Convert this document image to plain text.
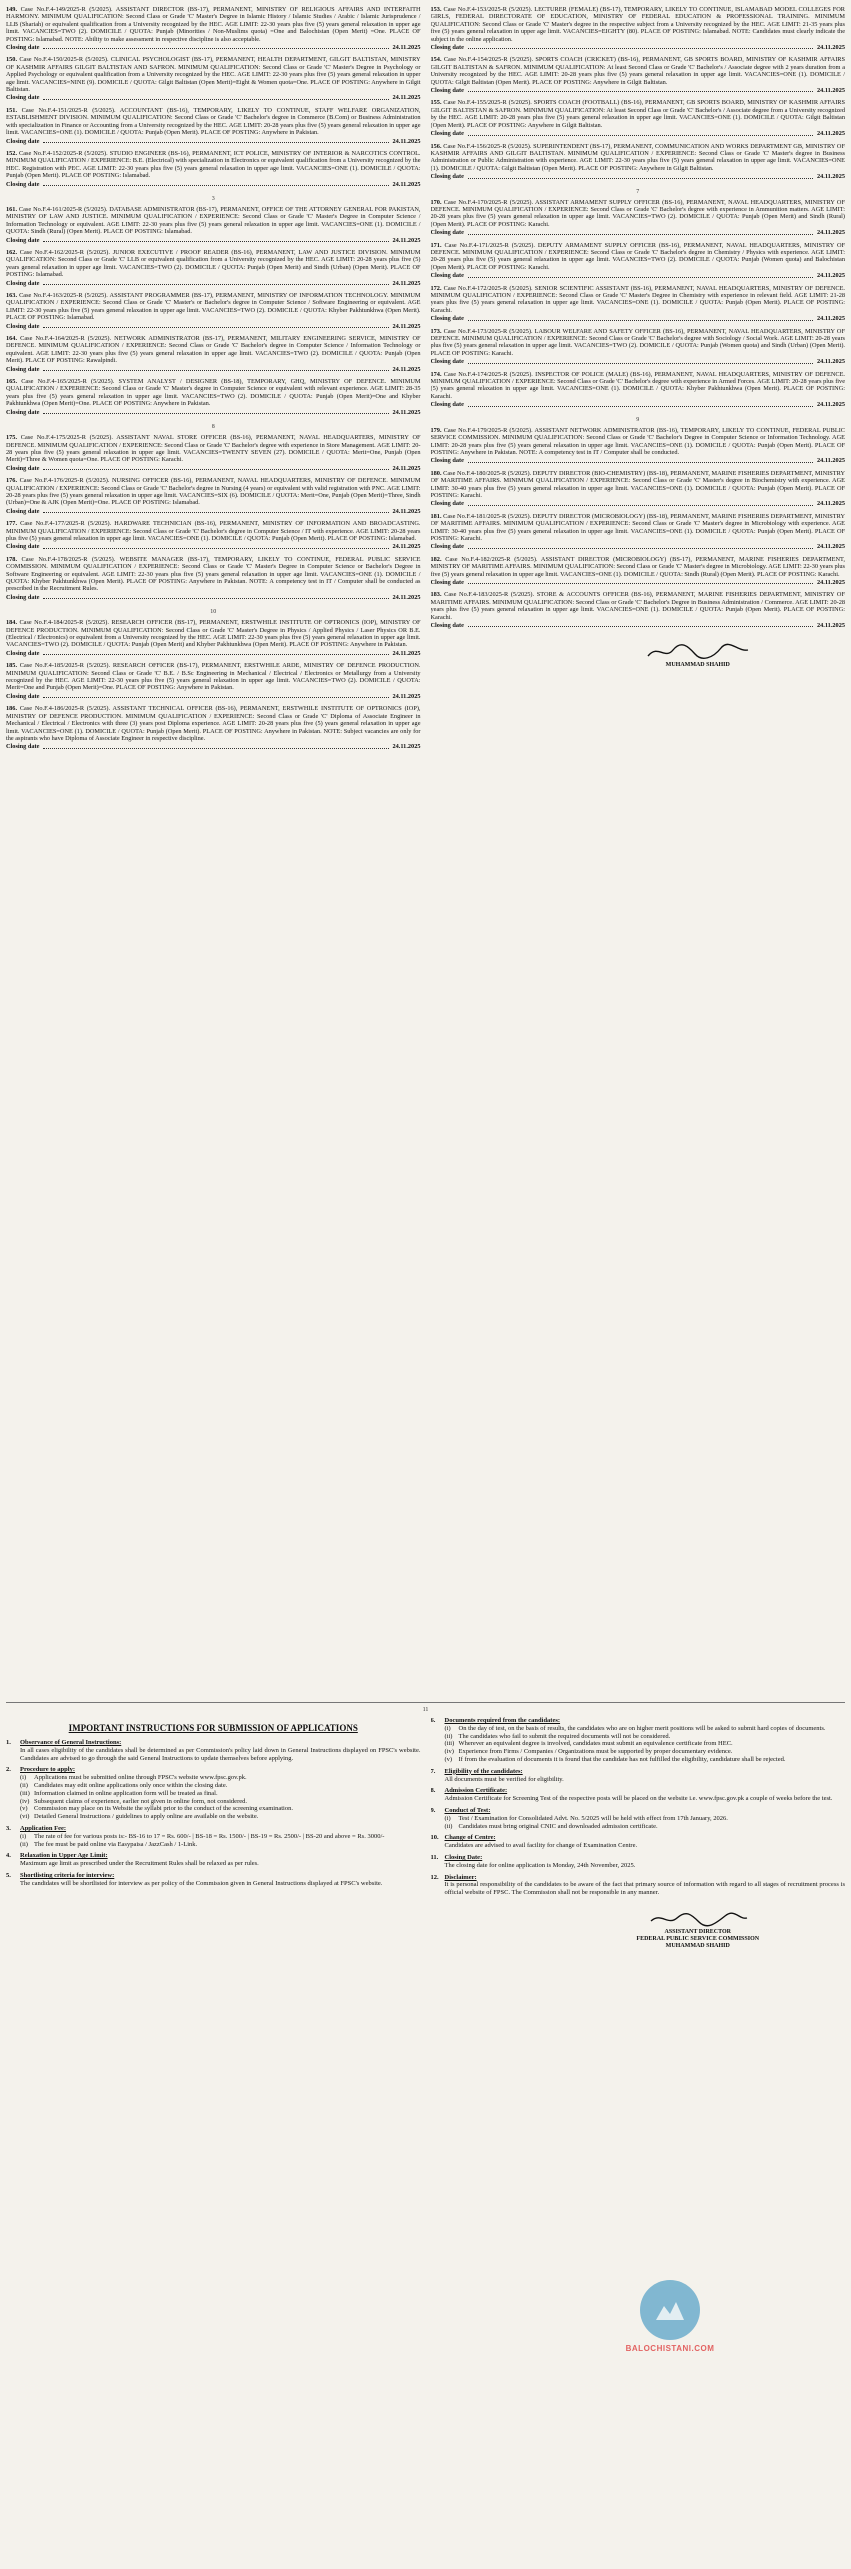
149. Case No.F.4-149/2025-R (5/2025). ASSISTANT DIRECTOR (BS-17), PERMANENT, MINISTRY OF RELIGIOUS AFFAIRS AND INTERFAITH HARMONY. MINIMUM QUALIFICATION: Second Class or Grade 'C' Master's Degree in Islamic History / Islamic Studies / Arabic / Islamic Jurisprudence / LLB (Shariah) or equivalent qualification from a University recognized by the HEC. AGE LIMIT: 22-30 years plus five (5) years general relaxation in upper age limit. VACANCIES=TWO (2). DOMICILE / QUOTA: Punjab (Minorities / Non-Muslims quota) =One and Balochistan (Open Merit) =One. PLACE OF POSTING: Islamabad. NOTE: Ability to make assessment in respective discipline is also acceptable.
Closing date	24.11.2025
150. Case No.F.4-150/2025-R (5/2025). CLINICAL PSYCHOLOGIST (BS-17), PERMANENT, HEALTH DEPARTMENT, GILGIT BALTISTAN, MINISTRY OF KASHMIR AFFAIRS GILGIT BALTISTAN AND SAFRON. MINIMUM QUALIFICATION: Second Class or Grade 'C' Master's Degree in Psychology or Applied Psychology or equivalent qualification from a University recognized by the HEC. AGE LIMIT: 22-30 years plus five (5) years general relaxation in upper age limit. VACANCIES=NINE (9). DOMICILE / QUOTA: Gilgit Baltistan (Open Merit)=Eight & Women quota=One. PLACE OF POSTING: Anywhere in Gilgit Baltistan.
Closing date	24.11.2025
151. Case No.F.4-151/2025-R (5/2025). ACCOUNTANT (BS-16), TEMPORARY, LIKELY TO CONTINUE, STAFF WELFARE ORGANIZATION, ESTABLISHMENT DIVISION. MINIMUM QUALIFICATION: Second Class or Grade 'C' Bachelor's degree in Commerce (B.Com) or Business Administration with specialization in Finance or Accounting from a University recognized by the HEC. AGE LIMIT: 20-28 years plus five (5) years general relaxation in upper age limit. VACANCIES=ONE (1). DOMICILE / QUOTA: Punjab (Open Merit). PLACE OF POSTING: Anywhere in Pakistan.
Closing date	24.11.2025
152. Case No.F.4-152/2025-R (5/2025). STUDIO ENGINEER (BS-16), PERMANENT, ICT POLICE, MINISTRY OF INTERIOR & NARCOTICS CONTROL. MINIMUM QUALIFICATION / EXPERIENCE: B.E. (Electrical) with specialization in Electronics or equivalent qualification from a University recognized by the HEC. Registration with PEC. AGE LIMIT: 22-30 years plus five (5) years general relaxation in upper age limit. VACANCIES=ONE (1). DOMICILE / QUOTA: Punjab (Open Merit). PLACE OF POSTING: Islamabad.
Closing date	24.11.2025
3
161. Case No.F.4-161/2025-R (5/2025). DATABASE ADMINISTRATOR (BS-17), PERMANENT, OFFICE OF THE ATTORNEY GENERAL FOR PAKISTAN, MINISTRY OF LAW AND JUSTICE. MINIMUM QUALIFICATION / EXPERIENCE: Second Class or Grade 'C' Master's Degree in Computer Science / Information Technology or equivalent. AGE LIMIT: 22-30 years plus five (5) years general relaxation in upper age limit. VACANCIES=ONE (1). DOMICILE / QUOTA: Sindh (Rural) (Open Merit). PLACE OF POSTING: Islamabad.
Closing date	24.11.2025
162. Case No.F.4-162/2025-R (5/2025). JUNIOR EXECUTIVE / PROOF READER (BS-16), PERMANENT, LAW AND JUSTICE DIVISION. MINIMUM QUALIFICATION: Second Class or Grade 'C' LLB or equivalent qualification from a University recognized by the HEC. AGE LIMIT: 20-28 years plus five (5) years general relaxation in upper age limit. VACANCIES=TWO (2). DOMICILE / QUOTA: Punjab (Open Merit) and Sindh (Urban) (Open Merit). PLACE OF POSTING: Islamabad.
Closing date	24.11.2025
163. Case No.F.4-163/2025-R (5/2025). ASSISTANT PROGRAMMER (BS-17), PERMANENT, MINISTRY OF INFORMATION TECHNOLOGY. MINIMUM QUALIFICATION / EXPERIENCE: Second Class or Grade 'C' Master's or Bachelor's degree in Computer Science / Software Engineering or equivalent. AGE LIMIT: 22-30 years plus five (5) years general relaxation in upper age limit. VACANCIES=TWO (2). DOMICILE / QUOTA: Khyber Pakhtunkhwa (Open Merit). PLACE OF POSTING: Islamabad.
Closing date	24.11.2025
164. Case No.F.4-164/2025-R (5/2025). NETWORK ADMINISTRATOR (BS-17), PERMANENT, MILITARY ENGINEERING SERVICE, MINISTRY OF DEFENCE. MINIMUM QUALIFICATION / EXPERIENCE: Second Class or Grade 'C' Bachelor's degree in Computer Science / Information Technology or equivalent. AGE LIMIT: 22-30 years plus five (5) years general relaxation in upper age limit. VACANCIES=TWO (2). DOMICILE / QUOTA: Punjab (Open Merit). PLACE OF POSTING: Rawalpindi.
Closing date	24.11.2025
165. Case No.F.4-165/2025-R (5/2025). SYSTEM ANALYST / DESIGNER (BS-18), TEMPORARY, GHQ, MINISTRY OF DEFENCE. MINIMUM QUALIFICATION / EXPERIENCE: Second Class or Grade 'C' Master's degree in Computer Science or equivalent with relevant experience. AGE LIMIT: 28-35 years plus five (5) years general relaxation in upper age limit. VACANCIES=TWO (2). DOMICILE / QUOTA: Punjab (Open Merit)=One and Khyber Pakhtunkhwa (Open Merit)=One. PLACE OF POSTING: Anywhere in Pakistan.
Closing date	24.11.2025
8
175. Case No.F.4-175/2025-R (5/2025). ASSISTANT NAVAL STORE OFFICER (BS-16), PERMANENT, NAVAL HEADQUARTERS, MINISTRY OF DEFENCE. MINIMUM QUALIFICATION / EXPERIENCE: Second Class or Grade 'C' Bachelor's degree with experience in Store Management. AGE LIMIT: 20-28 years plus five (5) years general relaxation in upper age limit. VACANCIES=TWENTY SEVEN (27). DOMICILE / QUOTA: Merit=One, Punjab (Open Merit)=Three & Women quota=One. PLACE OF POSTING: Karachi.
Closing date	24.11.2025
176. Case No.F.4-176/2025-R (5/2025). NURSING OFFICER (BS-16), PERMANENT, NAVAL HEADQUARTERS, MINISTRY OF DEFENCE. MINIMUM QUALIFICATION / EXPERIENCE: Second Class or Grade 'C' Bachelor's degree in Nursing (4 years) or equivalent with valid registration with PNC. AGE LIMIT: 20-28 years plus five (5) years general relaxation in upper age limit. VACANCIES=SIX (6). DOMICILE / QUOTA: Merit=One, Punjab (Open Merit)=Three, Sindh (Urban)=One & AJK (Open Merit)=One. PLACE OF POSTING: Islamabad.
Closing date	24.11.2025
177. Case No.F.4-177/2025-R (5/2025). HARDWARE TECHNICIAN (BS-16), PERMANENT, MINISTRY OF INFORMATION AND BROADCASTING. MINIMUM QUALIFICATION / EXPERIENCE: Second Class or Grade 'C' Bachelor's degree in Computer Science / IT with experience. AGE LIMIT: 20-28 years plus five (5) years general relaxation in upper age limit. VACANCIES=ONE (1). DOMICILE / QUOTA: Punjab (Open Merit). PLACE OF POSTING: Islamabad.
Closing date	24.11.2025
178. Case No.F.4-178/2025-R (5/2025). WEBSITE MANAGER (BS-17), TEMPORARY, LIKELY TO CONTINUE, FEDERAL PUBLIC SERVICE COMMISSION. MINIMUM QUALIFICATION / EXPERIENCE: Second Class or Grade 'C' Master's Degree in Computer Science or Bachelor's Degree in Software Engineering or equivalent. AGE LIMIT: 22-30 years plus five (5) years general relaxation in upper age limit. VACANCIES=ONE (1). DOMICILE / QUOTA: Khyber Pakhtunkhwa (Open Merit). PLACE OF POSTING: Anywhere in Pakistan. NOTE: A competency test in IT / Computer shall be conducted as prescribed in the Recruitment Rules.
Closing date	24.11.2025
10
184. Case No.F.4-184/2025-R (5/2025). RESEARCH OFFICER (BS-17), PERMANENT, ERSTWHILE INSTITUTE OF OPTRONICS (IOP), MINISTRY OF DEFENCE PRODUCTION. MINIMUM QUALIFICATION: Second Class or Grade 'C' Master's Degree in Physics / Applied Physics / Laser Physics OR B.E. (Electrical / Electronics) or equivalent from a University recognized by the HEC. AGE LIMIT: 22-30 years plus five (5) years general relaxation in upper age limit. VACANCIES=TWO (2). DOMICILE / QUOTA: Punjab (Open Merit) and Khyber Pakhtunkhwa (Open Merit). PLACE OF POSTING: Anywhere in Pakistan.
Closing date	24.11.2025
185. Case No.F.4-185/2025-R (5/2025). RESEARCH OFFICER (BS-17), PERMANENT, ERSTWHILE ARDE, MINISTRY OF DEFENCE PRODUCTION. MINIMUM QUALIFICATION: Second Class or Grade 'C' B.E. / B.Sc Engineering in Mechanical / Electrical / Electronics or Metallurgy from a University recognized by the HEC. AGE LIMIT: 22-30 years plus five (5) years general relaxation in upper age limit. VACANCIES=TWO (2). DOMICILE / QUOTA: Merit=One and Punjab (Open Merit)=One. PLACE OF POSTING: Anywhere in Pakistan.
Closing date	24.11.2025
186. Case No.F.4-186/2025-R (5/2025). ASSISTANT TECHNICAL OFFICER (BS-16), PERMANENT, ERSTWHILE INSTITUTE OF OPTRONICS (IOP), MINISTRY OF DEFENCE PRODUCTION. MINIMUM QUALIFICATION / EXPERIENCE: Second Class or Grade 'C' Diploma of Associate Engineer in Mechanical / Electrical / Electronics with three (3) years post Diploma experience. AGE LIMIT: 20-28 years plus five (5) years general relaxation in upper age limit. VACANCIES=ONE (1). DOMICILE / QUOTA: Punjab (Open Merit). PLACE OF POSTING: Anywhere in Pakistan. NOTE: Subject vacancies are only for the aspirants who have Diploma of Associate Engineer in respective discipline.
Closing date	24.11.2025
153. Case No.F.4-153/2025-R (5/2025). LECTURER (FEMALE) (BS-17), TEMPORARY, LIKELY TO CONTINUE, ISLAMABAD MODEL COLLEGES FOR GIRLS, FEDERAL DIRECTORATE OF EDUCATION, MINISTRY OF FEDERAL EDUCATION & PROFESSIONAL TRAINING. MINIMUM QUALIFICATION: Second Class or Grade 'C' Master's degree in the respective subject from a University recognized by the HEC. AGE LIMIT: 21-35 years plus five (5) years general relaxation in upper age limit. VACANCIES=EIGHTY (80). PLACE OF POSTING: Islamabad. NOTE: Candidates must clearly indicate the subject in the online application.
Closing date	24.11.2025
154. Case No.F.4-154/2025-R (5/2025). SPORTS COACH (CRICKET) (BS-16), PERMANENT, GB SPORTS BOARD, MINISTRY OF KASHMIR AFFAIRS GILGIT BALTISTAN & SAFRON. MINIMUM QUALIFICATION: At least Second Class or Grade 'C' Bachelor's / Associate degree with 2 years duration from a University recognized by the HEC. AGE LIMIT: 20-28 years plus five (5) years general relaxation in upper age limit. VACANCIES=ONE (1). DOMICILE / QUOTA: Gilgit Baltistan (Open Merit). PLACE OF POSTING: Anywhere in Gilgit Baltistan.
Closing date	24.11.2025
155. Case No.F.4-155/2025-R (5/2025). SPORTS COACH (FOOTBALL) (BS-16), PERMANENT, GB SPORTS BOARD, MINISTRY OF KASHMIR AFFAIRS GILGIT BALTISTAN & SAFRON. MINIMUM QUALIFICATION: At least Second Class or Grade 'C' Bachelor's / Associate degree from a University recognized by the HEC. AGE LIMIT: 20-28 years plus five (5) years general relaxation in upper age limit. VACANCIES=ONE (1). DOMICILE / QUOTA: Gilgit Baltistan (Open Merit). PLACE OF POSTING: Anywhere in Gilgit Baltistan.
Closing date	24.11.2025
156. Case No.F.4-156/2025-R (5/2025). SUPERINTENDENT (BS-17), PERMANENT, COMMUNICATION AND WORKS DEPARTMENT GB, MINISTRY OF KASHMIR AFFAIRS AND GILGIT BALTISTAN. MINIMUM QUALIFICATION / EXPERIENCE: Second Class or Grade 'C' Master's degree in Business Administration or Public Administration with experience. AGE LIMIT: 22-30 years plus five (5) years general relaxation in upper age limit. VACANCIES=ONE (1). DOMICILE / QUOTA: Gilgit Baltistan (Open Merit). PLACE OF POSTING: Anywhere in Gilgit Baltistan.
Closing date	24.11.2025
7
170. Case No.F.4-170/2025-R (5/2025). ASSISTANT ARMAMENT SUPPLY OFFICER (BS-16), PERMANENT, NAVAL HEADQUARTERS, MINISTRY OF DEFENCE. MINIMUM QUALIFICATION / EXPERIENCE: Second Class or Grade 'C' Bachelor's degree with experience in Ammunition matters. AGE LIMIT: 20-28 years plus five (5) years general relaxation in upper age limit. VACANCIES=TWO (2). DOMICILE / QUOTA: Punjab (Open Merit) and Sindh (Rural) (Open Merit). PLACE OF POSTING: Karachi.
Closing date	24.11.2025
171. Case No.F.4-171/2025-R (5/2025). DEPUTY ARMAMENT SUPPLY OFFICER (BS-16), PERMANENT, NAVAL HEADQUARTERS, MINISTRY OF DEFENCE. MINIMUM QUALIFICATION / EXPERIENCE: Second Class or Grade 'C' Bachelor's degree in Chemistry / Physics with experience. AGE LIMIT: 20-28 years plus five (5) years general relaxation in upper age limit. VACANCIES=TWO (2). DOMICILE / QUOTA: Punjab (Women quota) and Balochistan (Open Merit). PLACE OF POSTING: Karachi.
Closing date	24.11.2025
172. Case No.F.4-172/2025-R (5/2025). SENIOR SCIENTIFIC ASSISTANT (BS-16), PERMANENT, NAVAL HEADQUARTERS, MINISTRY OF DEFENCE. MINIMUM QUALIFICATION / EXPERIENCE: Second Class or Grade 'C' Master's Degree in Chemistry with experience in relevant field. AGE LIMIT: 21-28 years plus five (5) years general relaxation in upper age limit. VACANCIES=ONE (1). DOMICILE / QUOTA: Punjab (Open Merit). PLACE OF POSTING: Karachi.
Closing date	24.11.2025
173. Case No.F.4-173/2025-R (5/2025). LABOUR WELFARE AND SAFETY OFFICER (BS-16), PERMANENT, NAVAL HEADQUARTERS, MINISTRY OF DEFENCE. MINIMUM QUALIFICATION / EXPERIENCE: Second Class or Grade 'C' Bachelor's degree with Sociology / Social Work. AGE LIMIT: 20-28 years plus five (5) years general relaxation in upper age limit. VACANCIES=TWO (2). DOMICILE / QUOTA: Punjab (Women quota) and Sindh (Urban) (Open Merit). PLACE OF POSTING: Karachi.
Closing date	24.11.2025
174. Case No.F.4-174/2025-R (5/2025). INSPECTOR OF POLICE (MALE) (BS-16), PERMANENT, NAVAL HEADQUARTERS, MINISTRY OF DEFENCE. MINIMUM QUALIFICATION / EXPERIENCE: Second Class or Grade 'C' Bachelor's degree with experience in Armed Forces. AGE LIMIT: 20-28 years plus five (5) years general relaxation in upper age limit. VACANCIES=ONE (1). DOMICILE / QUOTA: Khyber Pakhtunkhwa (Open Merit). PLACE OF POSTING: Karachi.
Closing date	24.11.2025
9
179. Case No.F.4-179/2025-R (5/2025). ASSISTANT NETWORK ADMINISTRATOR (BS-16), TEMPORARY, LIKELY TO CONTINUE, FEDERAL PUBLIC SERVICE COMMISSION. MINIMUM QUALIFICATION: Second Class or Grade 'C' Bachelor's Degree in Computer Science or Information Technology. AGE LIMIT: 20-28 years plus five (5) years general relaxation in upper age limit. VACANCIES=ONE (1). DOMICILE / QUOTA: Punjab (Open Merit). PLACE OF POSTING: Anywhere in Pakistan. NOTE: A competency test in IT / Computer shall be conducted.
Closing date	24.11.2025
180. Case No.F.4-180/2025-R (5/2025). DEPUTY DIRECTOR (BIO-CHEMISTRY) (BS-18), PERMANENT, MARINE FISHERIES DEPARTMENT, MINISTRY OF MARITIME AFFAIRS. MINIMUM QUALIFICATION / EXPERIENCE: Second Class or Grade 'C' Master's degree in Biochemistry with experience. AGE LIMIT: 30-40 years plus five (5) years general relaxation in upper age limit. VACANCIES=ONE (1). DOMICILE / QUOTA: Punjab (Open Merit). PLACE OF POSTING: Karachi.
Closing date	24.11.2025
181. Case No.F.4-181/2025-R (5/2025). DEPUTY DIRECTOR (MICROBIOLOGY) (BS-18), PERMANENT, MARINE FISHERIES DEPARTMENT, MINISTRY OF MARITIME AFFAIRS. MINIMUM QUALIFICATION / EXPERIENCE: Second Class or Grade 'C' Master's degree in Microbiology with experience. AGE LIMIT: 30-40 years plus five (5) years general relaxation in upper age limit. VACANCIES=ONE (1). DOMICILE / QUOTA: Punjab (Open Merit). PLACE OF POSTING: Karachi.
Closing date	24.11.2025
182. Case No.F.4-182/2025-R (5/2025). ASSISTANT DIRECTOR (MICROBIOLOGY) (BS-17), PERMANENT, MARINE FISHERIES DEPARTMENT, MINISTRY OF MARITIME AFFAIRS. MINIMUM QUALIFICATION: Second Class or Grade 'C' Master's degree in Microbiology. AGE LIMIT: 22-30 years plus five (5) years general relaxation in upper age limit. VACANCIES=ONE (1). DOMICILE / QUOTA: Sindh (Rural) (Open Merit). PLACE OF POSTING: Karachi.
Closing date	24.11.2025
183. Case No.F.4-183/2025-R (5/2025). STORE & ACCOUNTS OFFICER (BS-16), PERMANENT, MARINE FISHERIES DEPARTMENT, MINISTRY OF MARITIME AFFAIRS. MINIMUM QUALIFICATION: Second Class or Grade 'C' Bachelor's Degree in Business Administration / Commerce. AGE LIMIT: 20-28 years plus five (5) years general relaxation in upper age limit. VACANCIES=ONE (1). DOMICILE / QUOTA: Punjab (Open Merit). PLACE OF POSTING: Karachi.
Closing date	24.11.2025
MUHAMMAD SHAHID
11
IMPORTANT INSTRUCTIONS FOR SUBMISSION OF APPLICATIONS
1.	Observance of General Instructions:
In all cases eligibility of the candidates shall be determined as per Commission's policy laid down in General Instructions displayed on FPSC's website. Candidates are advised to go through the said General Instructions to update themselves before applying.
2.	Procedure to apply:
(i)	Applications must be submitted online through FPSC's website www.fpsc.gov.pk.
(ii) Candidates may edit online applications only once within the closing date.
(iii) Information claimed in online application form will be treated as final.
(iv) Subsequent claims of experience, earlier not given in online form, not considered.
(v) Commission may place on its Website the syllabi prior to the conduct of the screening examination.
(vi) Detailed General Instructions / guidelines to apply online are available on the website.
3.	Application Fee:
(i)	The rate of fee for various posts is:- BS-16 to 17 = Rs. 600/- | BS-18 = Rs. 1500/- | BS-19 = Rs. 2500/- | BS-20 and above = Rs. 3000/-
(ii) The fee must be paid online via Easypaisa / JazzCash / 1-Link.
4.	Relaxation in Upper Age Limit:
Maximum age limit as prescribed under the Recruitment Rules shall be relaxed as per rules.
5.	Shortlisting criteria for interview:
The candidates will be shortlisted for interview as per policy of the Commission given in General Instructions displayed at FPSC's website.
6.	Documents required from the candidates:
(i)	On the day of test, on the basis of results, the candidates who are on higher merit positions will be asked to submit hard copies of documents.
(ii) The candidates who fail to submit the required documents will not be considered.
(iii) Wherever an equivalent degree is involved, candidates must submit an equivalence certificate from HEC.
(iv) Experience from Firms / Companies / Organizations must be supported by proper documentary evidence.
(v) If from the evaluation of documents it is found that the candidate has not fulfilled the eligibility, candidature shall be rejected.
7.	Eligibility of the candidates:
All documents must be verified for eligibility.
8.	Admission Certificate:
Admission Certificate for Screening Test of the respective posts will be placed on the website i.e. www.fpsc.gov.pk a couple of weeks before the test.
9.	Conduct of Test:
(i)	Test / Examination for Consolidated Advt. No. 5/2025 will be held with effect from 17th January, 2026.
(ii) Candidates must bring original CNIC and downloaded admission certificate.
10. Change of Centre:
Candidates are advised to avail facility for change of Examination Centre.
11. Closing Date:
The closing date for online application is Monday, 24th November, 2025.
12. Disclaimer:
It is personal responsibility of the candidates to be aware of the fact that primary source of information with regard to all stages of recruitment process is official website of FPSC. The Commission shall not be responsible in any manner.
ASSISTANT DIRECTOR
FEDERAL PUBLIC SERVICE COMMISSION
MUHAMMAD SHAHID
BALOCHISTANI.COM
